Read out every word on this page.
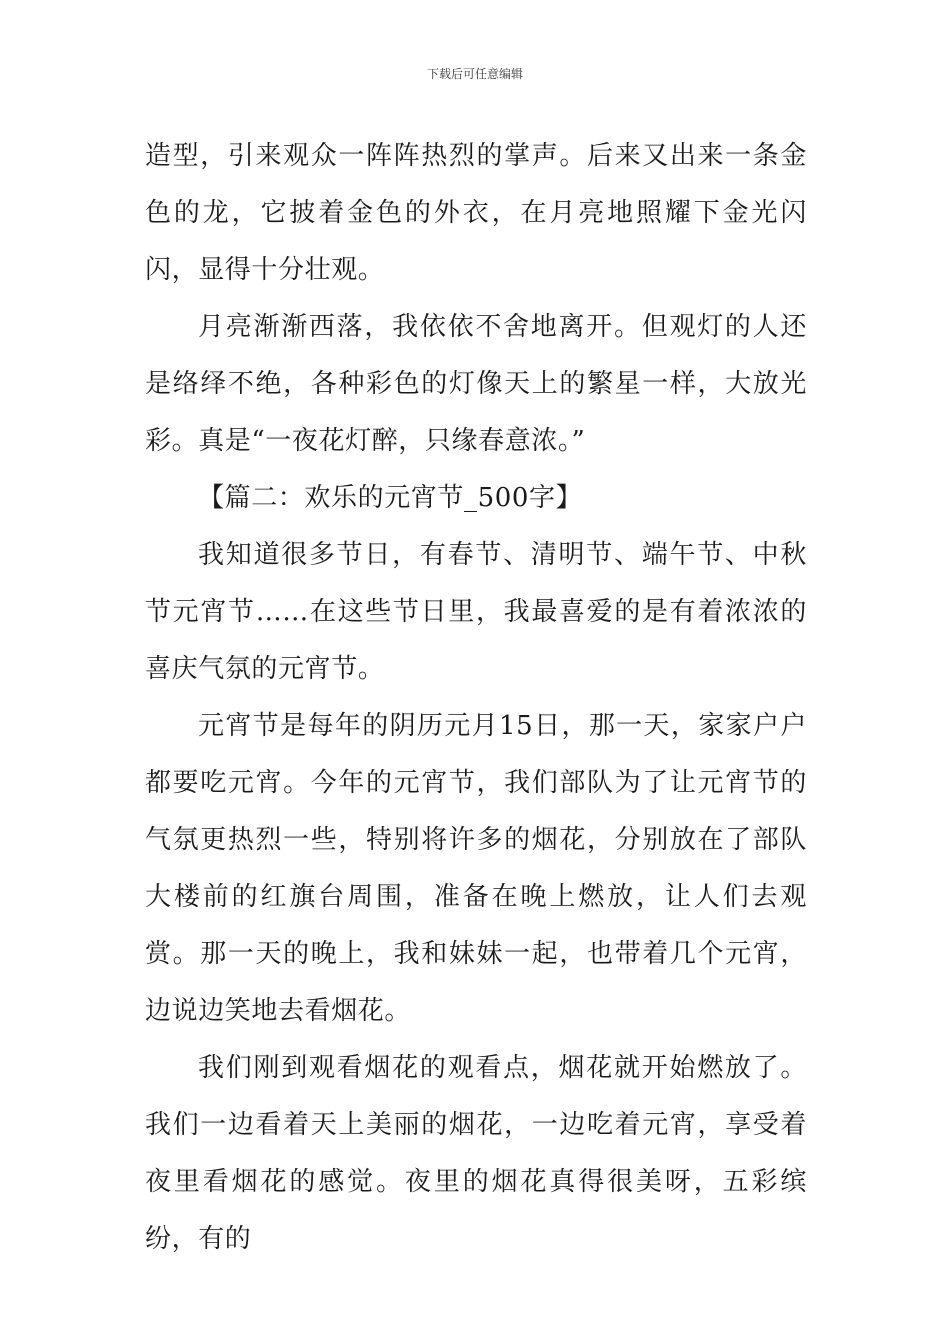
下载后可任意编辑

造型，引来观众一阵阵热烈的掌声。后来又出来一条金色的龙，它披着金色的外衣，在月亮地照耀下金光闪闪，显得十分壮观。

月亮渐渐西落，我依依不舍地离开。但观灯的人还是络绎不绝，各种彩色的灯像天上的繁星一样，大放光彩。真是“一夜花灯醉，只缘春意浓。”

【篇二：欢乐的元宵节_500字】

我知道很多节日，有春节、清明节、端午节、中秋节元宵节……在这些节日里，我最喜爱的是有着浓浓的喜庆气氛的元宵节。

元宵节是每年的阴历元月15日，那一天，家家户户都要吃元宵。今年的元宵节，我们部队为了让元宵节的气氛更热烈一些，特别将许多的烟花，分别放在了部队大楼前的红旗台周围，准备在晚上燃放，让人们去观赏。那一天的晚上，我和妹妹一起，也带着几个元宵，边说边笑地去看烟花。

我们刚到观看烟花的观看点，烟花就开始燃放了。我们一边看着天上美丽的烟花，一边吃着元宵，享受着夜里看烟花的感觉。夜里的烟花真得很美呀，五彩缤纷，有的
